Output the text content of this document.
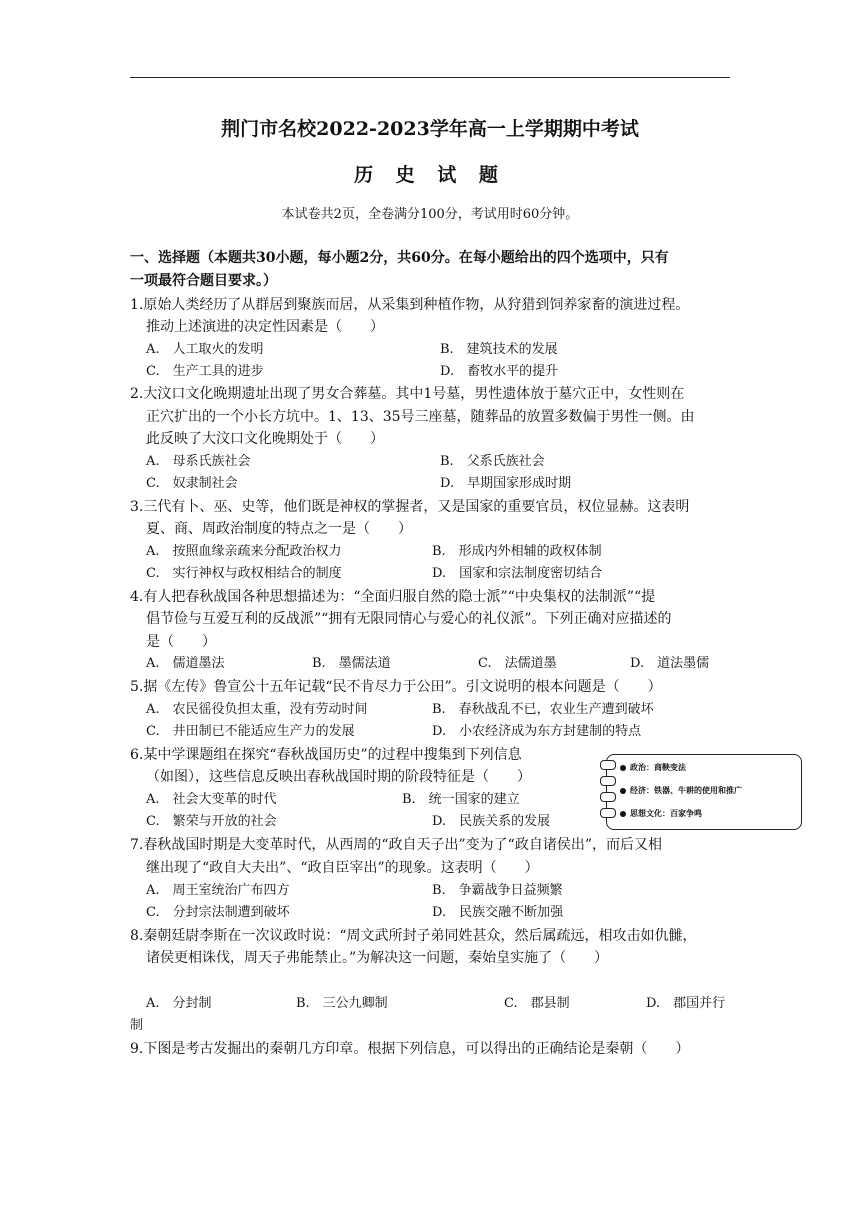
荆门市名校2022-2023学年高一上学期期中考试
历 史 试 题
本试卷共2页，全卷满分100分，考试用时60分钟。
一、选择题（本题共30小题，每小题2分，共60分。在每小题给出的四个选项中，只有
一项最符合题目要求。）
1.原始人类经历了从群居到聚族而居，从采集到种植作物，从狩猎到饲养家畜的演进过程。
推动上述演进的决定性因素是（　　）
A.　人工取火的发明	B.　建筑技术的发展
C.　生产工具的进步	D.　畜牧水平的提升
2.大汶口文化晚期遗址出现了男女合葬墓。其中1号墓，男性遗体放于墓穴正中，女性则在
正穴扩出的一个小长方坑中。1、13、35号三座墓，随葬品的放置多数偏于男性一侧。由
此反映了大汶口文化晚期处于（　　）
A.　母系氏族社会	B.　父系氏族社会
C.　奴隶制社会	D.　早期国家形成时期
3.三代有卜、巫、史等，他们既是神权的掌握者，又是国家的重要官员，权位显赫。这表明
夏、商、周政治制度的特点之一是（　　）
A.　按照血缘亲疏来分配政治权力	B.　形成内外相辅的政权体制
C.　实行神权与政权相结合的制度	D.　国家和宗法制度密切结合
4.有人把春秋战国各种思想描述为：“全面归服自然的隐士派”“中央集权的法制派”“提
倡节俭与互爱互利的反战派”“拥有无限同情心与爱心的礼仪派”。下列正确对应描述的
是（　　）
A.　儒道墨法	B.　墨儒法道	C.　法儒道墨	D.　道法墨儒
5.据《左传》鲁宣公十五年记载“民不肯尽力于公田”。引文说明的根本问题是（　　）
A.　农民徭役负担太重，没有劳动时间	B.　春秋战乱不已，农业生产遭到破坏
C.　井田制已不能适应生产力的发展	D.　小农经济成为东方封建制的特点
6.某中学课题组在探究“春秋战国历史”的过程中搜集到下列信息
（如图），这些信息反映出春秋战国时期的阶段特征是（　　）
A.　社会大变革的时代	B.　统一国家的建立
C.　繁荣与开放的社会	D.　民族关系的发展
政治：商鞅变法
经济：铁器、牛耕的使用和推广
思想文化：百家争鸣
7.春秋战国时期是大变革时代，从西周的“政自天子出”变为了“政自诸侯出”，而后又相
继出现了“政自大夫出”、“政自臣宰出”的现象。这表明（　　）
A.　周王室统治广布四方	B.　争霸战争日益频繁
C.　分封宗法制遭到破坏	D.　民族交融不断加强
8.秦朝廷尉李斯在一次议政时说：“周文武所封子弟同姓甚众，然后属疏远，相攻击如仇雠，
诸侯更相诛伐，周天子弗能禁止。”为解决这一问题，秦始皇实施了（　　）
A.　分封制	B.　三公九卿制	C.　郡县制	D.　郡国并行
制
9.下图是考古发掘出的秦朝几方印章。根据下列信息，可以得出的正确结论是秦朝（　　）
